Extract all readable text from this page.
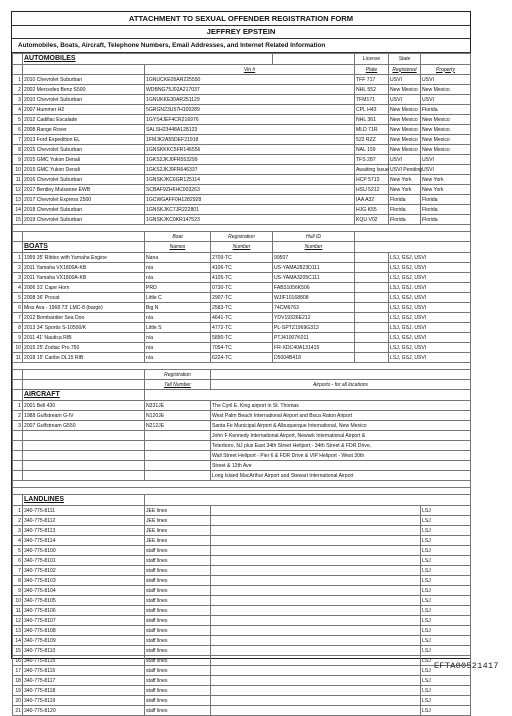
ATTACHMENT TO SEXUAL OFFENDER REGISTRATION FORM
JEFFREY EPSTEIN
Automobiles, Boats, Aircraft, Telephone Numbers, Email Addresses, and Internet Related Information
	AUTOMOBILES				License	State	
		Vin #			Plate	Registered	Property
1	2010 Chevrolet Suburban	1GNUCKE05AR225550			TFF 717	USVI	USVI
2	2002 Mercedes Benz S500	WDBNG75J02A217037			NHL 552	New Mexico	New Mexico
3	2010 Chevrolet Suburban	1GNUKKE30AR251129			TFM171	USVI	USVI
4	2007 Hummer H2	5GRGN23U57H100289			CPL H43	New Mexico	Florida
5	2012 Cadillac Escalade	1GYS4JEF4CR216976			NHL 361	New Mexico	New Mexico
6	2008 Range Rover	SALSH23448A128123			MLD 71R	New Mexico	New Mexico
7	2013 Ford Expedition EL	1FMJK2A55DEF21918			522 RZZ	New Mexico	New Mexico
8	2015 Chevrolet Suburban	1GNSKKKC5FR146556			NAL 159	New Mexico	New Mexico
9	2015 GMC Yukon Denali	1GKS2JKJ0FR553299			TFS 287	USVI	USVI
10	2015 GMC Yukon Denali	1GKS2JKJ9FR646337			Awaiting Issue	USVI Pending	USVI
11	2016 Chevrolet Suburban	1GNSKJKC6GR125114			HCP 5713	New York	New York
12	2017 Bentley Mulsanne EWB	SCBAF9ZH6HC003263			HSU 5212	New York	New York
13	2017 Chevrolet Express 2500	1GCWGAFF0H1282928			IAA A32	Florida	Florida
14	2018 Chevrolet Suburban	1GNSKJKC7JR222801			HJG K55	Florida	Florida
15	2019 Chevrolet Suburban	1GNSKJKC0KR147523			KQU V02	Florida	Florida

		Boat	Registration	Hull ID			
	BOATS	Names	Number	Number			
1	1999 35' Ribtec with Yamaha Engine	Nana	2709-TC	99507		LSJ, GSJ, USVI	
2	2011 Yamaha VX1800A-KB	n/a	4106-TC	US-YAMA2823D111		LSJ, GSJ, USVI	
3	2011 Yamaha VX1800A-KB	n/a	4105-TC	US-YAMA3205C111		LSJ, GSJ, USVI	
4	2006 31' Cape Horn	PRD	0730-TC	FAB31056K506		LSJ, GSJ, USVI	
5	2008 36' Procat	Little C	2907-TC	WJIF10168808		LSJ, GSJ, USVI	
6	Miss Ava - 1968 73' LMC-8 (barge)	Big N	2583-TC	74CM6763		LSJ, GSJ, USVI	
7	2012 Bombardier Sea Doo	n/a	4641-TC	YDV19326E212		LSJ, GSJ, USVI	
8	2013 34' Sportis S-10500/K	Little S	4772-TC	PL-SPTZ1969G313		LSJ, GSJ, USVI	
9	2011 41' Nautica RIB	n/a	5890-TC	PTJ41007K011		LSJ, GSJ, USVI	
10	2015 25' Zodiac Pro 750	n/a	7054-TC	FR-XDC40A131415		LSJ, GSJ, USVI	
11	2018 15' Caribe DL15 RIB	n/a	6224-TC	D5004B418		LSJ, GSJ, USVI	

		Registration					
		Tail Number	Airports - for all locations				
	AIRCRAFT						
1	2001 Bell 430	N331JE	The Cyril E. King airport in St. Thomas				
2	1988 Gulfstream G-IV	N120JE	West Palm Beach International Airport and Boca Raton Airport				
3	2007 Gulfstream G550	N212JE	Santa Fe Municipal Airport & Albuquerque International, New Mexico				
			John F Kennedy International Airport, Newark International Airport &				
			Teterboro, NJ plus East 34th Street Heliport - 34th Street & FDR Drive,				
			Wall Street Heliport - Pier 6 & FDR Drive & VIP Heliport - West 30th				
			Street & 12th Ave				
			Long Island MacArthur Airport and Stewart International Airport				

	LANDLINES						
1	340-775-8111	JEE lines					LSJ
2	340-775-8112	JEE lines					LSJ
3	340-775-8113	JEE lines					LSJ
4	340-775-8114	JEE lines					LSJ
5	340-775-8100	staff lines					LSJ
6	340-775-8101	staff lines					LSJ
7	340-775-8102	staff lines					LSJ
8	340-775-8103	staff lines					LSJ
9	340-775-8104	staff lines					LSJ
10	340-775-8105	staff lines					LSJ
11	340-775-8106	staff lines					LSJ
12	340-775-8107	staff lines					LSJ
13	340-775-8108	staff lines					LSJ
14	340-775-8109	staff lines					LSJ
15	340-775-8110	staff lines					LSJ
16	340-775-8115	staff lines					LSJ
17	340-775-8116	staff lines					LSJ
18	340-775-8117	staff lines					LSJ
19	340-775-8118	staff lines					LSJ
20	340-775-8119	staff lines					LSJ
21	340-775-8120	staff lines					LSJ
EFTA00521417
